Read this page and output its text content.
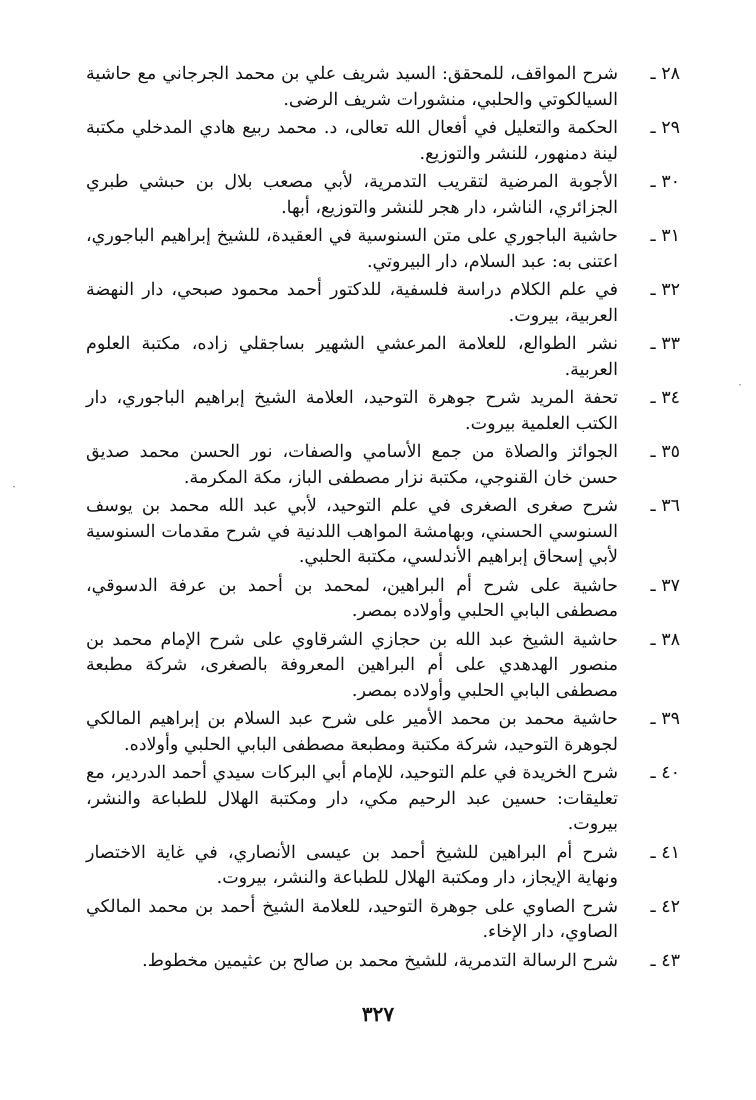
٢٨ ـ
شرح المواقف، للمحقق: السيد شريف علي بن محمد الجرجاني مع حاشية السيالكوتي والحلبي، منشورات شريف الرضى.
٢٩ ـ
الحكمة والتعليل في أفعال الله تعالى، د. محمد ربيع هادي المدخلي مكتبة لينة دمنهور، للنشر والتوزيع.
٣٠ ـ
الأجوبة المرضية لتقريب التدمرية، لأبي مصعب بلال بن حبشي طبري الجزائري، الناشر، دار هجر للنشر والتوزيع، أبها.
٣١ ـ
حاشية الباجوري على متن السنوسية في العقيدة، للشيخ إبراهيم الباجوري، اعتنى به: عبد السلام، دار البيروتي.
٣٢ ـ
في علم الكلام دراسة فلسفية، للدكتور أحمد محمود صبحي، دار النهضة العربية، بيروت.
٣٣ ـ
نشر الطوالع، للعلامة المرعشي الشهير بساجقلي زاده، مكتبة العلوم العربية.
٣٤ ـ
تحفة المريد شرح جوهرة التوحيد، العلامة الشيخ إبراهيم الباجوري، دار الكتب العلمية بيروت.
٣٥ ـ
الجوائز والصلاة من جمع الأسامي والصفات، نور الحسن محمد صديق حسن خان القنوجي، مكتبة نزار مصطفى الباز، مكة المكرمة.
٣٦ ـ
شرح صغرى الصغرى في علم التوحيد، لأبي عبد الله محمد بن يوسف السنوسي الحسني، وبهامشة المواهب اللدنية في شرح مقدمات السنوسية لأبي إسحاق إبراهيم الأندلسي، مكتبة الحلبي.
٣٧ ـ
حاشية على شرح أم البراهين، لمحمد بن أحمد بن عرفة الدسوقي، مصطفى البابي الحلبي وأولاده بمصر.
٣٨ ـ
حاشية الشيخ عبد الله بن حجازي الشرقاوي على شرح الإمام محمد بن منصور الهدهدي على أم البراهين المعروفة بالصغرى، شركة مطبعة مصطفى البابي الحلبي وأولاده بمصر.
٣٩ ـ
حاشية محمد بن محمد الأمير على شرح عبد السلام بن إبراهيم المالكي لجوهرة التوحيد، شركة مكتبة ومطبعة مصطفى البابي الحلبي وأولاده.
٤٠ ـ
شرح الخريدة في علم التوحيد، للإمام أبي البركات سيدي أحمد الدردير، مع تعليقات: حسين عبد الرحيم مكي، دار ومكتبة الهلال للطباعة والنشر، بيروت.
٤١ ـ
شرح أم البراهين للشيخ أحمد بن عيسى الأنصاري، في غاية الاختصار ونهاية الإيجاز، دار ومكتبة الهلال للطباعة والنشر، بيروت.
٤٢ ـ
شرح الصاوي على جوهرة التوحيد، للعلامة الشيخ أحمد بن محمد المالكي الصاوي، دار الإخاء.
٤٣ ـ
شرح الرسالة التدمرية، للشيخ محمد بن صالح بن عثيمين مخطوط.
٣٢٧
·
·
